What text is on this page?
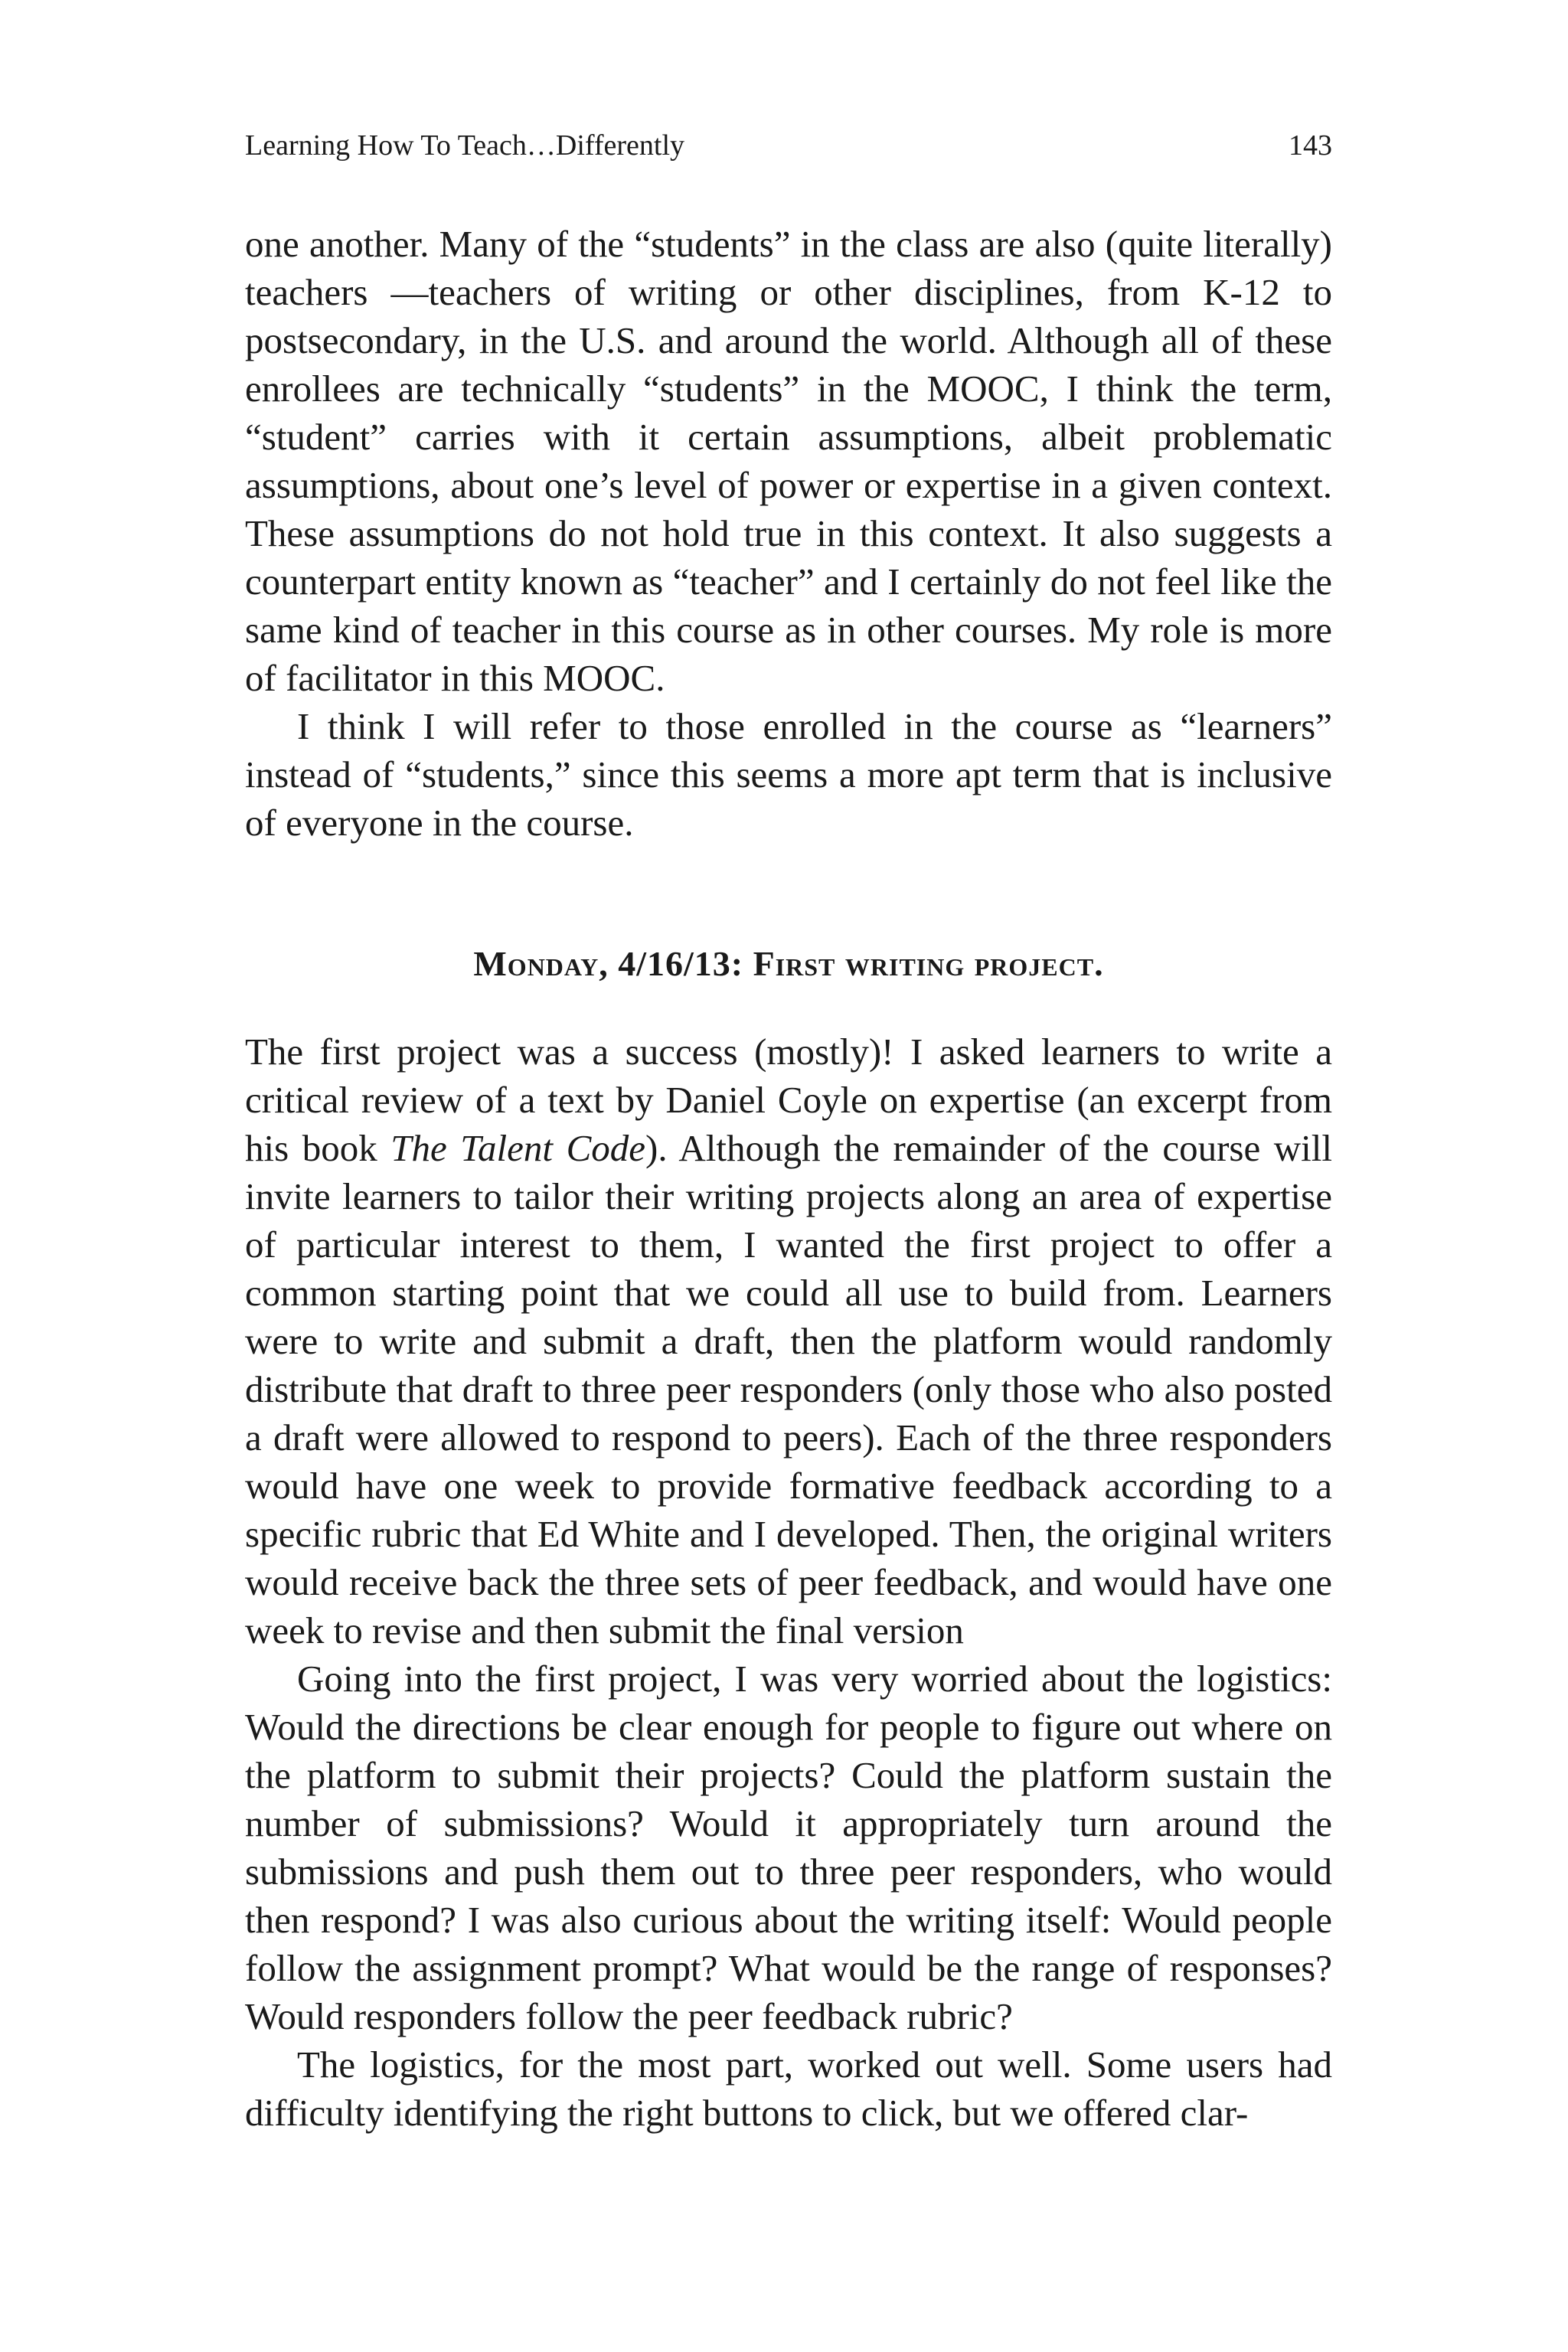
Learning How To Teach…Differently	143

one another. Many of the “students” in the class are also (quite literally) teachers —teachers of writing or other disciplines, from K-12 to postsecondary, in the U.S. and around the world. Although all of these enrollees are technically “students” in the MOOC, I think the term, “student” carries with it certain assumptions, albeit problematic assumptions, about one’s level of power or expertise in a given context. These assumptions do not hold true in this context. It also suggests a counterpart entity known as “teacher” and I certainly do not feel like the same kind of teacher in this course as in other courses. My role is more of facilitator in this MOOC.

I think I will refer to those enrolled in the course as “learners” instead of “students,” since this seems a more apt term that is inclusive of everyone in the course.

Monday, 4/16/13: First writing project.

The first project was a success (mostly)! I asked learners to write a critical review of a text by Daniel Coyle on expertise (an excerpt from his book The Talent Code). Although the remainder of the course will invite learners to tailor their writing projects along an area of expertise of particular interest to them, I wanted the first project to offer a common starting point that we could all use to build from. Learners were to write and submit a draft, then the platform would randomly distribute that draft to three peer responders (only those who also posted a draft were allowed to respond to peers). Each of the three responders would have one week to provide formative feedback according to a specific rubric that Ed White and I developed. Then, the original writers would receive back the three sets of peer feedback, and would have one week to revise and then submit the final version

Going into the first project, I was very worried about the logistics: Would the directions be clear enough for people to figure out where on the platform to submit their projects? Could the platform sustain the number of submissions? Would it appropriately turn around the submissions and push them out to three peer responders, who would then respond? I was also curious about the writing itself: Would people follow the assignment prompt? What would be the range of responses? Would responders follow the peer feedback rubric?

The logistics, for the most part, worked out well. Some users had difficulty identifying the right buttons to click, but we offered clar-
